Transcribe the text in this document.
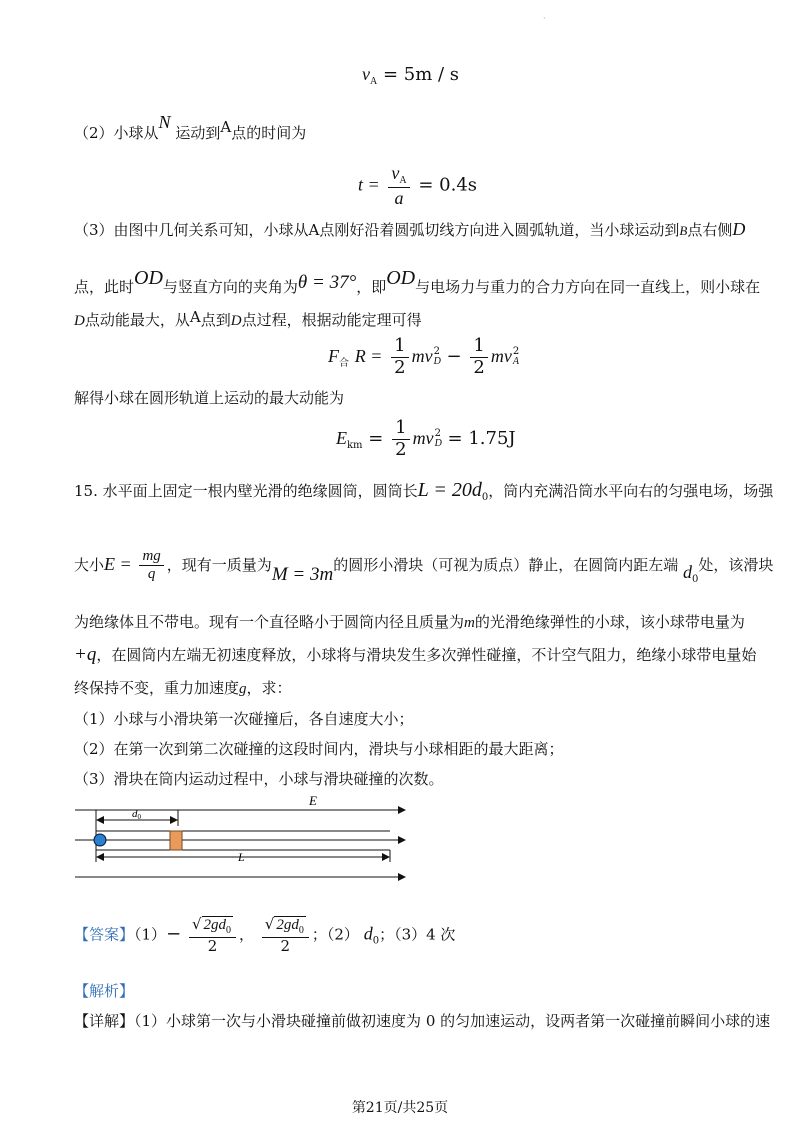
·
$v_A = 5m / s$
（2）小球从N 运动到A点的时间为
$t = \frac{v_A}{a} = 0.4s$
（3）由图中几何关系可知，小球从A点刚好沿着圆弧切线方向进入圆弧轨道，当小球运动到B点右侧D
点，此时OD与竖直方向的夹角为θ = 37°，即OD与电场力与重力的合力方向在同一直线上，则小球在
D点动能最大，从A点到D点过程，根据动能定理可得
$F_合$ $R = \frac{1}{2}$ mv 2
$D - \frac{1}{2}$ mv 2
A
解得小球在圆形轨道上运动的最大动能为
$E_{km} = \frac{1}{2}$ mv 2
D = 1.75J
15. 水平面上固定一根内壁光滑的绝缘圆筒，圆筒长$L = 20d_0$，筒内充满沿筒水平向右的匀强电场，场强
大小$E = \frac{mg}{q}$ ，现有一质量为M = 3m的圆形小滑块（可视为质点）静止，在圆筒内距左端 $d_0$处，该滑块
为绝缘体且不带电。现有一个直径略小于圆筒内径且质量为m的光滑绝缘弹性的小球，该小球带电量为
+q，在圆筒内左端无初速度释放，小球将与滑块发生多次弹性碰撞，不计空气阻力，绝缘小球带电量始
终保持不变，重力加速度g，求：
（1）小球与小滑块第一次碰撞后，各自速度大小；
（2）在第一次到第二次碰撞的这段时间内，滑块与小球相距的最大距离；
（3）滑块在筒内运动过程中，小球与滑块碰撞的次数。
E
d0
L
【答案】$(1)- \frac{√ 2gd_0}{2}$ ， $\frac{√ 2gd_0}{2}$ ；（2） $d_0$；（3）4 次
【解析】
【详解】（1）小球第一次与小滑块碰撞前做初速度为 0 的匀加速运动，设两者第一次碰撞前瞬间小球的速
第21页/共25页
